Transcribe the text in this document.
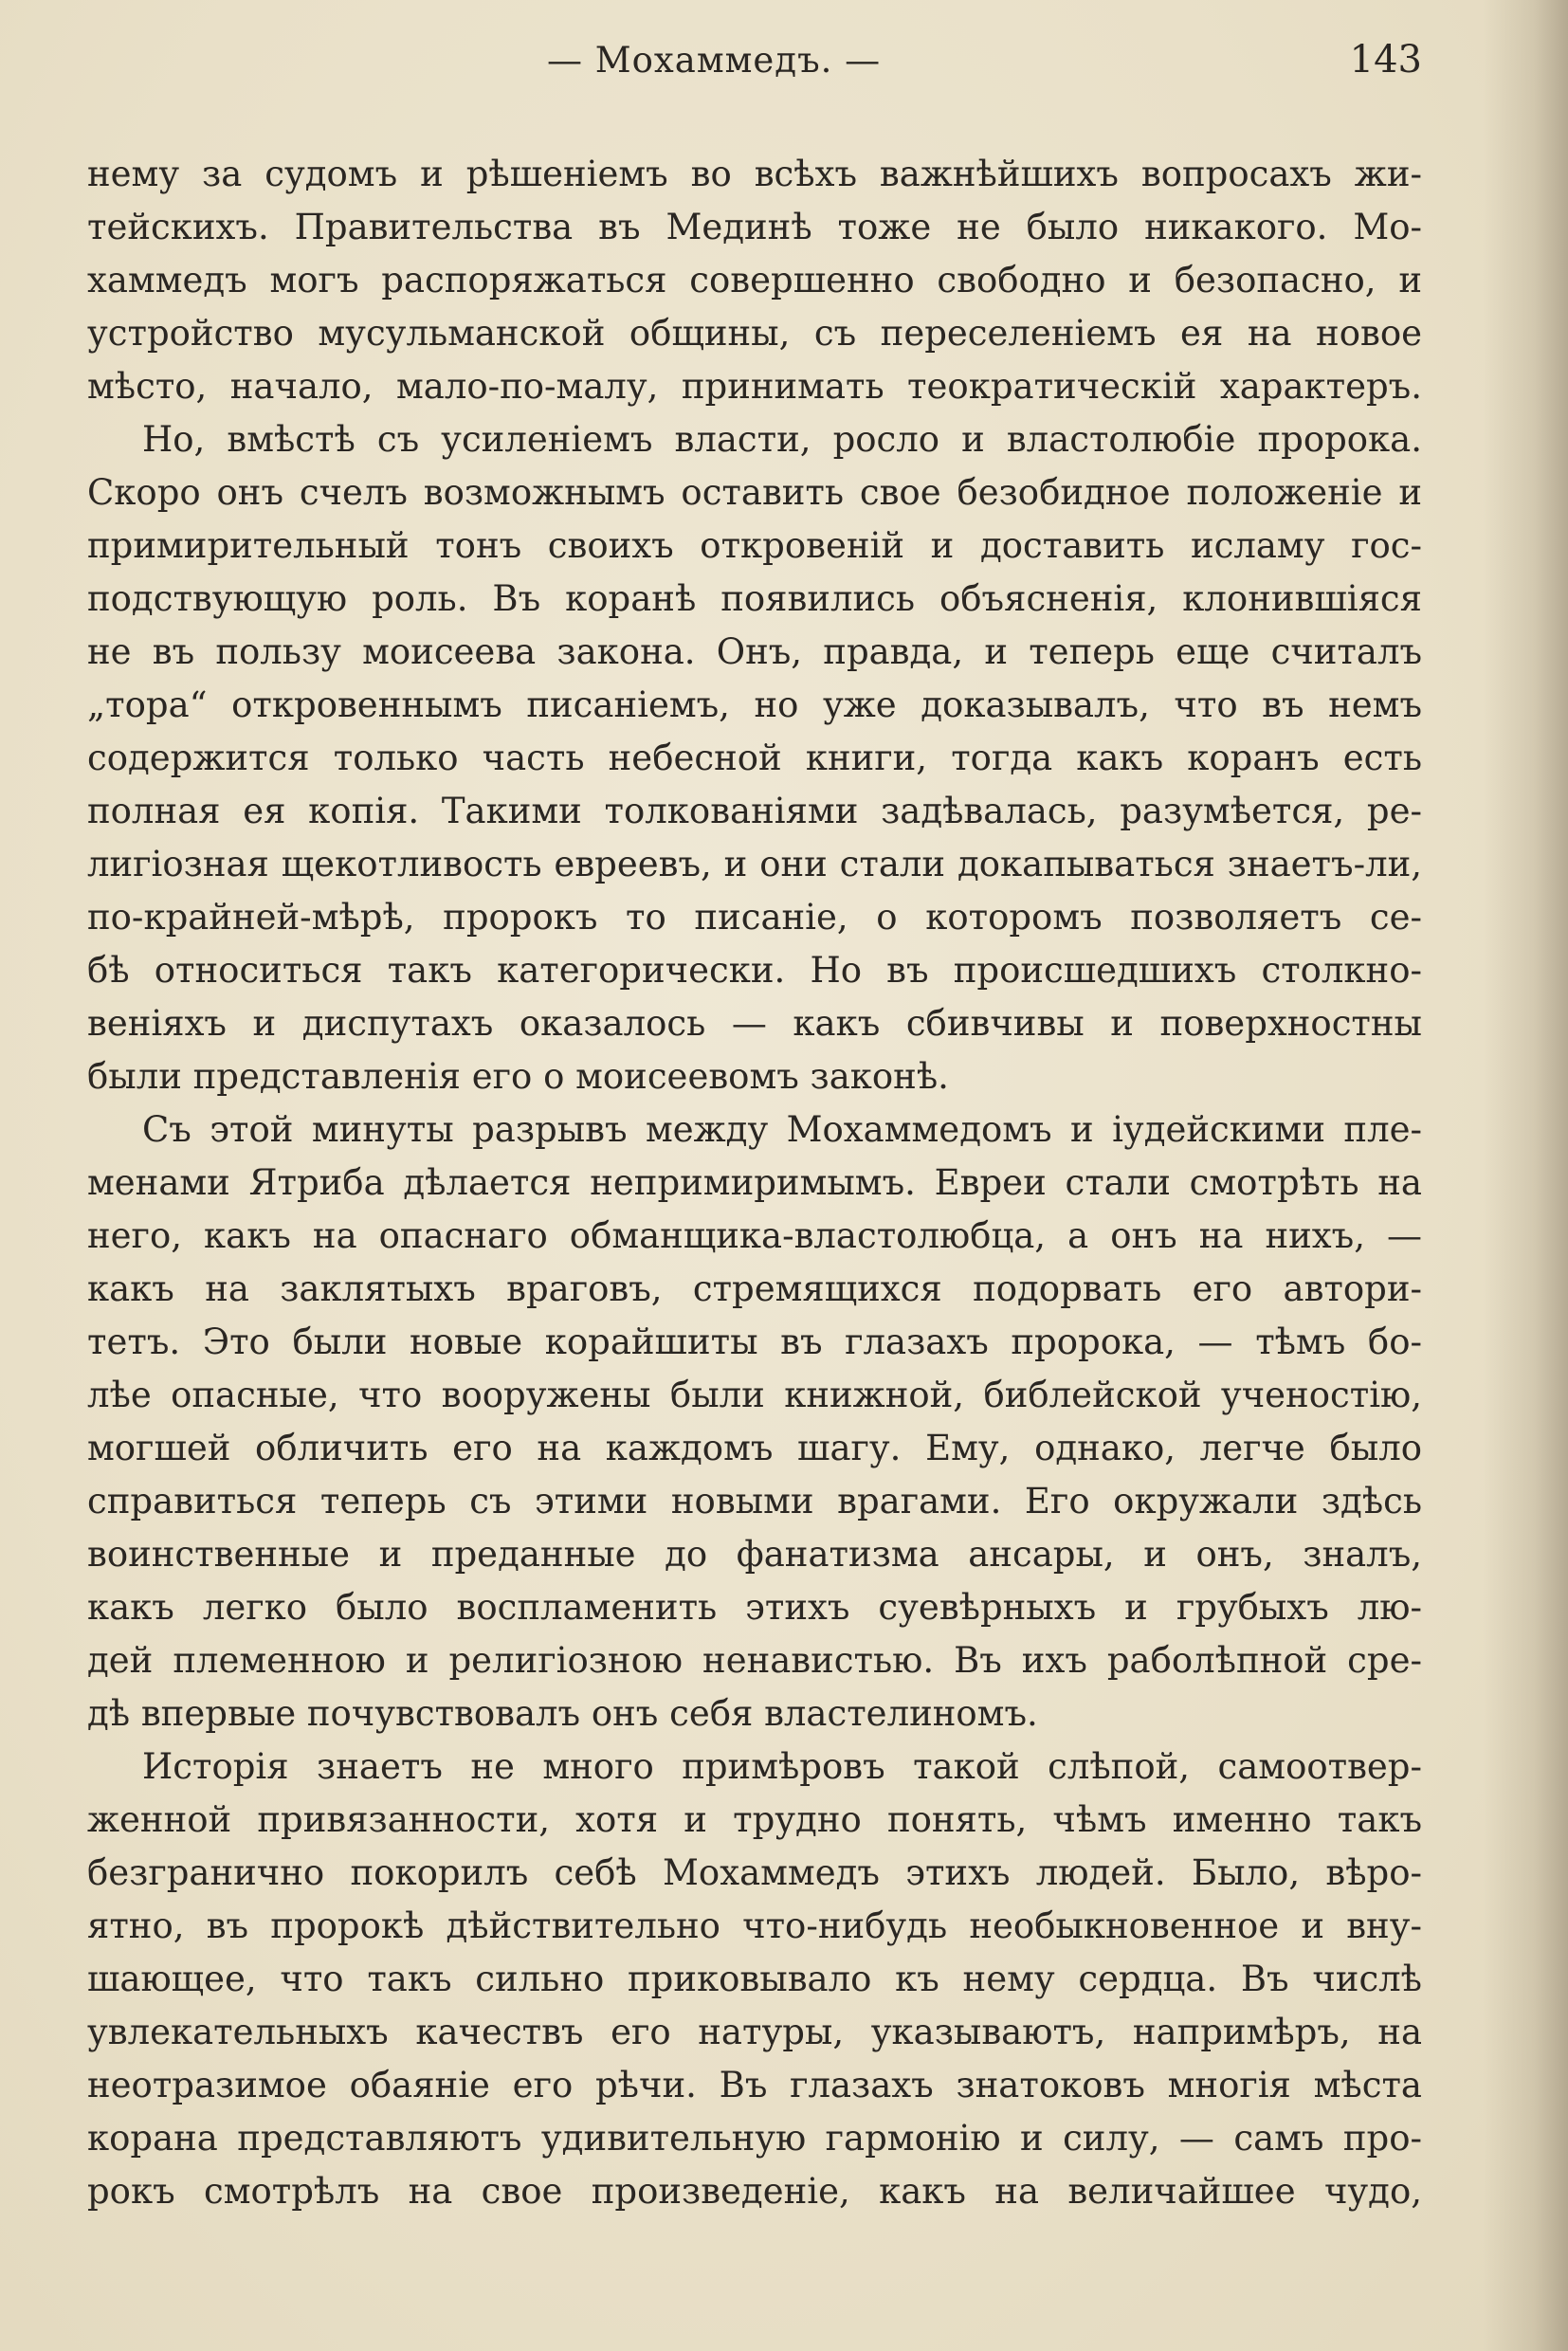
— Мохаммедъ. —	143
нему за судомъ и рѣшеніемъ во всѣхъ важнѣйшихъ вопросахъ жи-
тейскихъ. Правительства въ Мединѣ тоже не было никакого. Мо-
хаммедъ могъ распоряжаться совершенно свободно и безопасно, и
устройство мусульманской общины, съ переселеніемъ ея на новое
мѣсто, начало, мало-по-малу, принимать теократическій характеръ.
Но, вмѣстѣ съ усиленіемъ власти, росло и властолюбіе пророка.
Скоро онъ счелъ возможнымъ оставить свое безобидное положеніе и
примирительный тонъ своихъ откровеній и доставить исламу гос-
подствующую роль. Въ коранѣ появились объясненія, клонившіяся
не въ пользу моисеева закона. Онъ, правда, и теперь еще считалъ
„тора“ откровеннымъ писаніемъ, но уже доказывалъ, что въ немъ
содержится только часть небесной книги, тогда какъ коранъ есть
полная ея копія. Такими толкованіями задѣвалась, разумѣется, ре-
лигіозная щекотливость евреевъ, и они стали докапываться знаетъ-ли,
по-крайней-мѣрѣ, пророкъ то писаніе, о которомъ позволяетъ се-
бѣ относиться такъ категорически. Но въ происшедшихъ столкно-
веніяхъ и диспутахъ оказалось — какъ сбивчивы и поверхностны
были представленія его о моисеевомъ законѣ.
Съ этой минуты разрывъ между Мохаммедомъ и іудейскими пле-
менами Ятриба дѣлается непримиримымъ. Евреи стали смотрѣть на
него, какъ на опаснаго обманщика-властолюбца, а онъ на нихъ, —
какъ на заклятыхъ враговъ, стремящихся подорвать его автори-
тетъ. Это были новые корайшиты въ глазахъ пророка, — тѣмъ бо-
лѣе опасные, что вооружены были книжной, библейской ученостію,
могшей обличить его на каждомъ шагу. Ему, однако, легче было
справиться теперь съ этими новыми врагами. Его окружали здѣсь
воинственные и преданные до фанатизма ансары, и онъ, зналъ,
какъ легко было воспламенить этихъ суевѣрныхъ и грубыхъ лю-
дей племенною и религіозною ненавистью. Въ ихъ раболѣпной сре-
дѣ впервые почувствовалъ онъ себя властелиномъ.
Исторія знаетъ не много примѣровъ такой слѣпой, самоотвер-
женной привязанности, хотя и трудно понять, чѣмъ именно такъ
безгранично покорилъ себѣ Мохаммедъ этихъ людей. Было, вѣро-
ятно, въ пророкѣ дѣйствительно что-нибудь необыкновенное и вну-
шающее, что такъ сильно приковывало къ нему сердца. Въ числѣ
увлекательныхъ качествъ его натуры, указываютъ, напримѣръ, на
неотразимое обаяніе его рѣчи. Въ глазахъ знатоковъ многія мѣста
корана представляютъ удивительную гармонію и силу, — самъ про-
рокъ смотрѣлъ на свое произведеніе, какъ на величайшее чудо,
